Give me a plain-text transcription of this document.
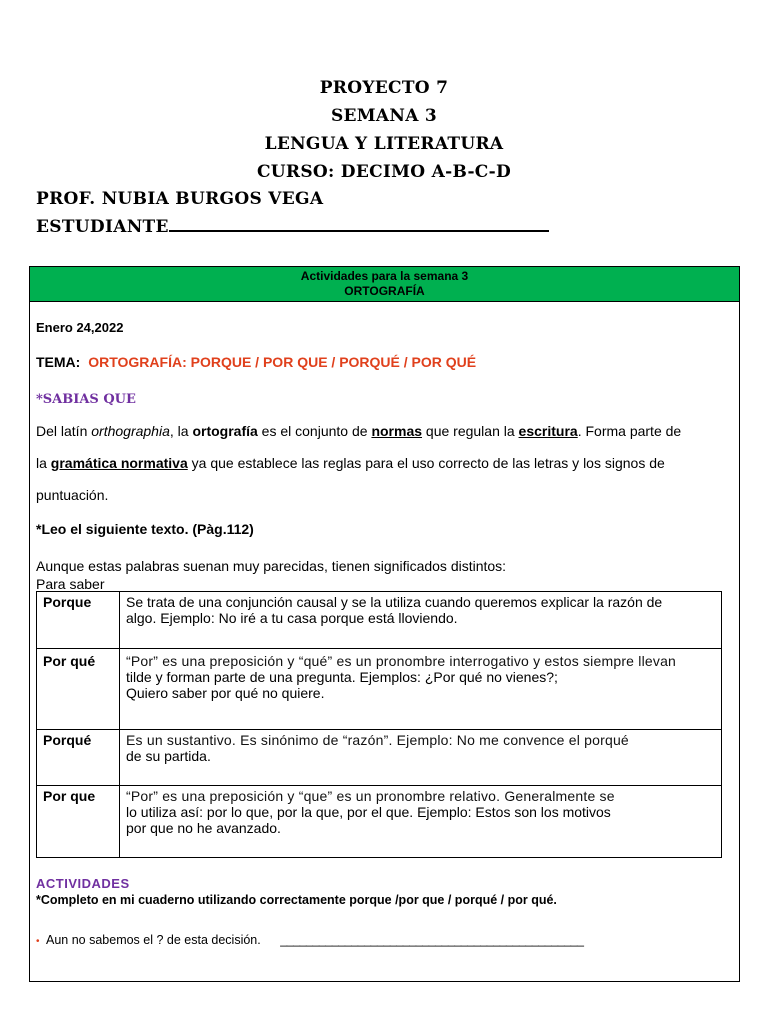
PROYECTO 7
SEMANA 3
LENGUA Y LITERATURA
CURSO: DECIMO A-B-C-D
PROF. NUBIA BURGOS VEGA
ESTUDIANTE
Actividades para la semana 3
ORTOGRAFÍA
Enero 24,2022
TEMA: ORTOGRAFÍA: PORQUE / POR QUE / PORQUÉ / POR QUÉ
*SABIAS QUE
Del latín orthographia, la ortografía es el conjunto de normas que regulan la escritura. Forma parte de
la gramática normativa ya que establece las reglas para el uso correcto de las letras y los signos de
puntuación.
*Leo el siguiente texto. (Pàg.112)
Aunque estas palabras suenan muy parecidas, tienen significados distintos:
Para saber
Porque	Se trata de una conjunción causal y se la utiliza cuando queremos explicar la razón de
algo. Ejemplo: No iré a tu casa porque está lloviendo.

Por qué	“Por” es una preposición y “qué” es un pronombre interrogativo y estos siempre llevan
tilde y forman parte de una pregunta. Ejemplos: ¿Por qué no vienes?;
Quiero saber por qué no quiere.

Porqué	Es un sustantivo. Es sinónimo de “razón”. Ejemplo: No me convence el porqué
de su partida.

Por que	“Por” es una preposición y “que” es un pronombre relativo. Generalmente se
lo utiliza así: por lo que, por la que, por el que. Ejemplo: Estos son los motivos
por que no he avanzado.
ACTIVIDADES
*Completo en mi cuaderno utilizando correctamente porque /por que / porqué / por qué.
• Aun no sabemos el ? de esta decisión. _______________________________________________
